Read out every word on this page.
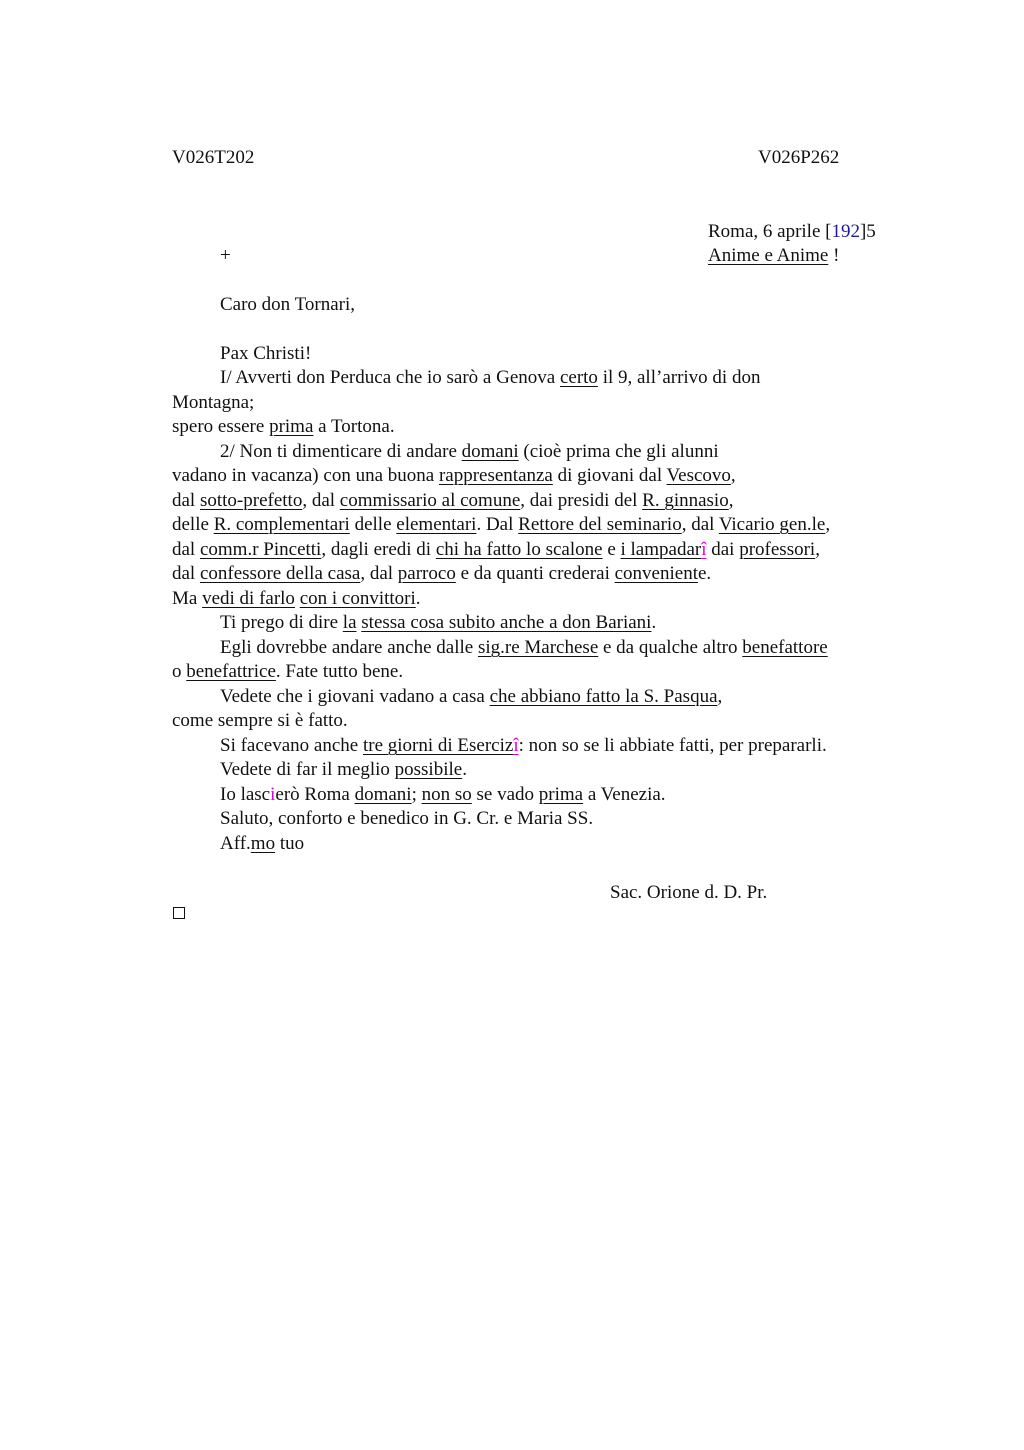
V026T202	V026P262
Roma, 6 aprile [192]5
+	Anime e Anime !
Caro don Tornari,
Pax Christi!
I/ Avverti don Perduca che io sarò a Genova certo il 9, all’arrivo di don
Montagna;
spero essere prima a Tortona.
2/ Non ti dimenticare di andare domani (cioè prima che gli alunni
vadano in vacanza) con una buona rappresentanza di giovani dal Vescovo,
dal sotto-prefetto, dal commissario al comune, dai presidi del R. ginnasio,
delle R. complementari delle elementari. Dal Rettore del seminario, dal Vicario gen.le,
dal comm.r Pincetti, dagli eredi di chi ha fatto lo scalone e i lampadarî dai professori,
dal confessore della casa, dal parroco e da quanti crederai conveniente.
Ma vedi di farlo con i convittori.
Ti prego di dire la stessa cosa subito anche a don Bariani.
Egli dovrebbe andare anche dalle sig.re Marchese e da qualche altro benefattore
o benefattrice. Fate tutto bene.
Vedete che i giovani vadano a casa che abbiano fatto la S. Pasqua,
come sempre si è fatto.
Si facevano anche tre giorni di Esercizî: non so se li abbiate fatti, per prepararli.
Vedete di far il meglio possibile.
Io lascierò Roma domani; non so se vado prima a Venezia.
Saluto, conforto e benedico in G. Cr. e Maria SS.
Aff.mo tuo
Sac. Orione d. D. Pr.
